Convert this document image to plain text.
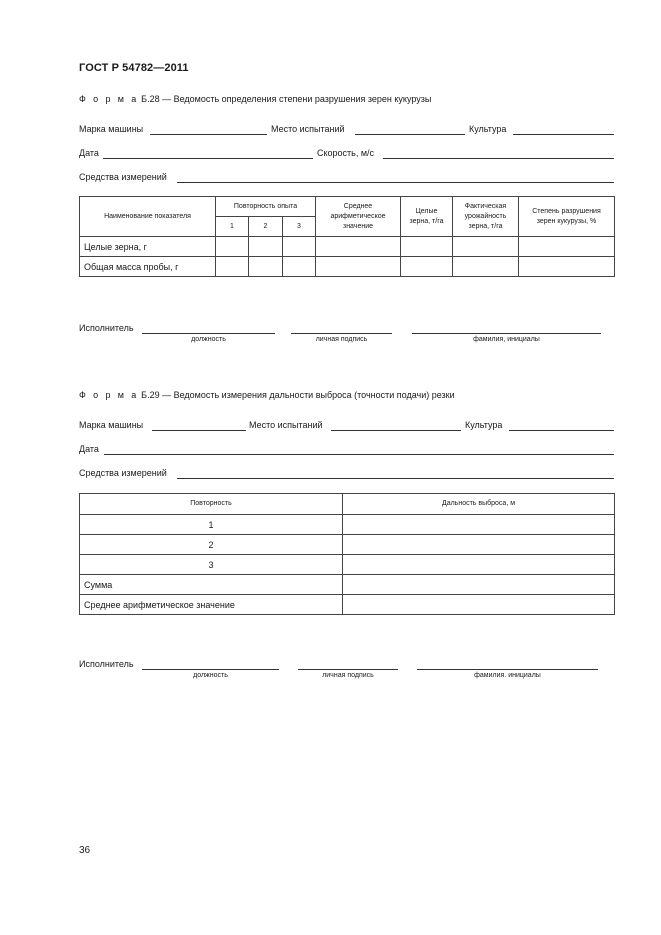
ГОСТ Р 54782—2011
Ф о р м а Б.28 — Ведомость определения степени разрушения зерен кукурузы
Марка машины	Место испытаний	Культура
Дата	Скорость, м/с
Средства измерений
Наименование показателя	Повторность опыта			Среднее арифметическое значение	Целые зерна, т/га	Фактическая урожайность зерна, т/га	Степень разрушения зерен кукурузы, %
	1	2	3				
Целые зерна, г							
Общая масса пробы, г							
Исполнитель
должность	личная подпись	фамилия, инициалы
Ф о р м а Б.29 — Ведомость измерения дальности выброса (точности подачи) резки
Марка машины	Место испытаний	Культура
Дата
Средства измерений
Повторность	Дальность выброса, м
1	
2	
3	
Сумма	
Среднее арифметическое значение	
Исполнитель
должность	личная подпись	фамилия. инициалы
36
